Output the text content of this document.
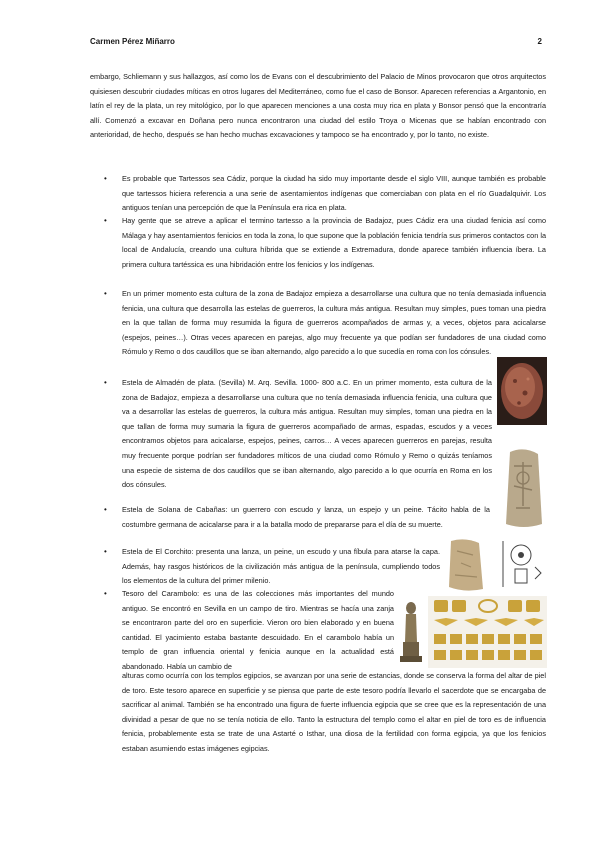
Carmen Pérez Miñarro	2

embargo, Schliemann y sus hallazgos, así como los de Evans con el descubrimiento del Palacio de Minos provocaron que otros arquitectos quisiesen descubrir ciudades míticas en otros lugares del Mediterráneo, como fue el caso de Bonsor. Aparecen referencias a Argantonio, en latín el rey de la plata, un rey mitológico, por lo que aparecen menciones a una costa muy rica en plata y Bonsor pensó que la encontraría allí. Comenzó a excavar en Doñana pero nunca encontraron una ciudad del estilo Troya o Micenas que se habían encontrado con anterioridad, de hecho, después se han hecho muchas excavaciones y tampoco se ha encontrado y, por lo tanto, no existe.

• Es probable que Tartessos sea Cádiz, porque la ciudad ha sido muy importante desde el siglo VIII, aunque también es probable que tartessos hiciera referencia a una serie de asentamientos indígenas que comerciaban con plata en el río Guadalquivir. Los antiguos tenían una percepción de que la Península era rica en plata.

• Hay gente que se atreve a aplicar el termino tartesso a la provincia de Badajoz, pues Cádiz era una ciudad fenicia así como Málaga y hay asentamientos fenicios en toda la zona, lo que supone que la población fenicia tendría sus primeros contactos con la local de Andalucía, creando una cultura híbrida que se extiende a Extremadura, donde aparece también influencia íbera. La primera cultura tartéssica es una hibridación entre los fenicios y los indígenas.

• En un primer momento esta cultura de la zona de Badajoz empieza a desarrollarse una cultura que no tenía demasiada influencia fenicia, una cultura que desarrolla las estelas de guerreros, la cultura más antigua. Resultan muy simples, pues toman una piedra en la que tallan de forma muy resumida la figura de guerreros acompañados de armas y, a veces, objetos para acicalarse (espejos, peines…). Otras veces aparecen en parejas, algo muy frecuente ya que podían ser fundadores de una ciudad como Rómulo y Remo o dos caudillos que se iban alternando, algo parecido a lo que sucedía en roma con los cónsules.

• Estela de Almadén de plata. (Sevilla) M. Arq. Sevilla. 1000- 800 a.C. En un primer momento, esta cultura de la zona de Badajoz, empieza a desarrollarse una cultura que no tenía demasiada influencia fenicia, una cultura que va a desarrollar las estelas de guerreros, la cultura más antigua. Resultan muy simples, toman una piedra en la que tallan de forma muy sumaria la figura de guerreros acompañado de armas, espadas, escudos y a veces encontramos objetos para acicalarse, espejos, peines, carros… A veces aparecen guerreros en parejas, resulta muy frecuente porque podrían ser fundadores míticos de una ciudad como Rómulo y Remo o quizás teníamos una especie de sistema de dos caudillos que se iban alternando, algo parecido a lo que ocurría en Roma en los dos cónsules.

• Estela de Solana de Cabañas: un guerrero con escudo y lanza, un espejo y un peine. Tácito habla de la costumbre germana de acicalarse para ir a la batalla modo de prepararse para el día de su muerte.

• Estela de El Corchito: presenta una lanza, un peine, un escudo y una fíbula para atarse la capa. Además, hay rasgos históricos de la civilización más antigua de la península, cumpliendo todos los elementos de la cultura del primer milenio.

• Tesoro del Carambolo: es una de las colecciones más importantes del mundo antiguo. Se encontró en Sevilla en un campo de tiro. Mientras se hacía una zanja se encontraron parte del oro en superficie. Vieron oro bien elaborado y en buena cantidad. El yacimiento estaba bastante descuidado. En el carambolo había un templo de gran influencia oriental y fenicia aunque en la actualidad está abandonado. Había un cambio de

alturas como ocurría con los templos egipcios, se avanzan por una serie de estancias, donde se conserva la forma del altar de piel de toro. Este tesoro aparece en superficie y se piensa que parte de este tesoro podría llevarlo el sacerdote que se encargaba de sacrificar al animal. También se ha encontrado una figura de fuerte influencia egipcia que se cree que es la representación de una divinidad a pesar de que no se tenía noticia de ello. Tanto la estructura del templo como el altar en piel de toro es de influencia fenicia, probablemente esta se trate de una Astarté o Isthar, una diosa de la fertilidad con forma egipcia, ya que los fenicios estaban asumiendo estas imágenes egipcias.
